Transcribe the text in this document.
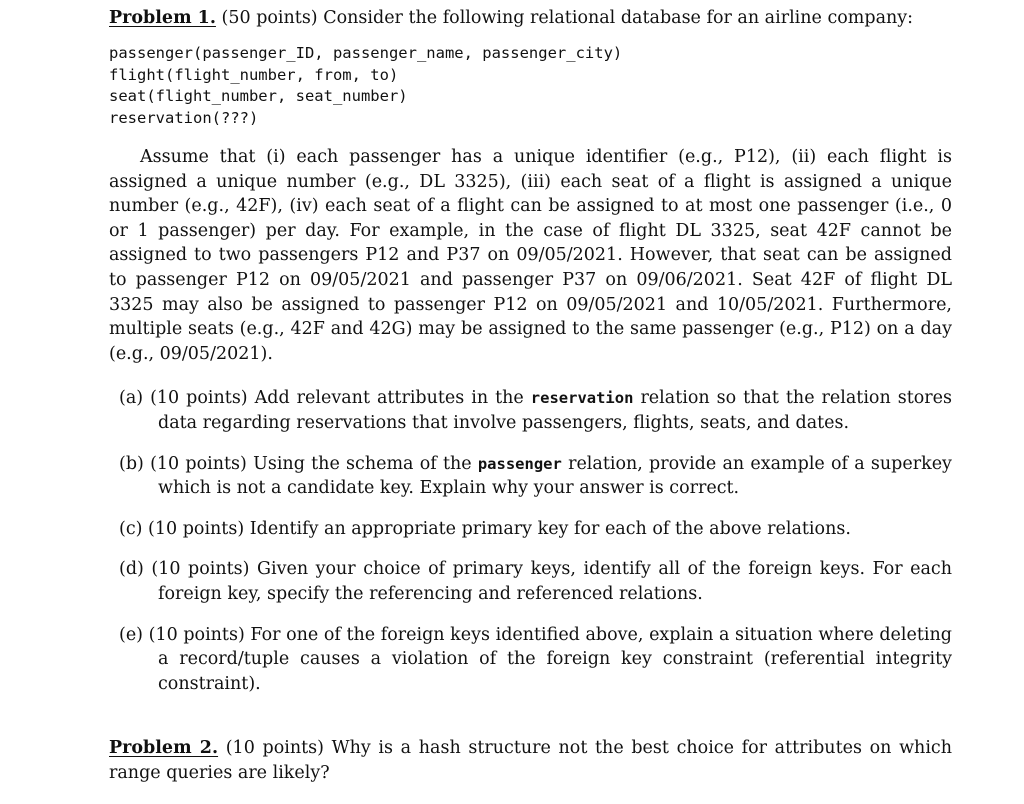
Problem 1. (50 points) Consider the following relational database for an airline company:

passenger(passenger_ID, passenger_name, passenger_city)
flight(flight_number, from, to)
seat(flight_number, seat_number)
reservation(???)

Assume that (i) each passenger has a unique identifier (e.g., P12), (ii) each flight is assigned a unique number (e.g., DL 3325), (iii) each seat of a flight is assigned a unique number (e.g., 42F), (iv) each seat of a flight can be assigned to at most one passenger (i.e., 0 or 1 passenger) per day. For example, in the case of flight DL 3325, seat 42F cannot be assigned to two passengers P12 and P37 on 09/05/2021. However, that seat can be assigned to passenger P12 on 09/05/2021 and passenger P37 on 09/06/2021. Seat 42F of flight DL 3325 may also be assigned to passenger P12 on 09/05/2021 and 10/05/2021. Furthermore, multiple seats (e.g., 42F and 42G) may be assigned to the same passenger (e.g., P12) on a day (e.g., 09/05/2021).

(a) (10 points) Add relevant attributes in the reservation relation so that the relation stores data regarding reservations that involve passengers, flights, seats, and dates.
(b) (10 points) Using the schema of the passenger relation, provide an example of a superkey which is not a candidate key. Explain why your answer is correct.
(c) (10 points) Identify an appropriate primary key for each of the above relations.
(d) (10 points) Given your choice of primary keys, identify all of the foreign keys. For each foreign key, specify the referencing and referenced relations.
(e) (10 points) For one of the foreign keys identified above, explain a situation where deleting a record/tuple causes a violation of the foreign key constraint (referential integrity constraint).

Problem 2. (10 points) Why is a hash structure not the best choice for attributes on which range queries are likely?
